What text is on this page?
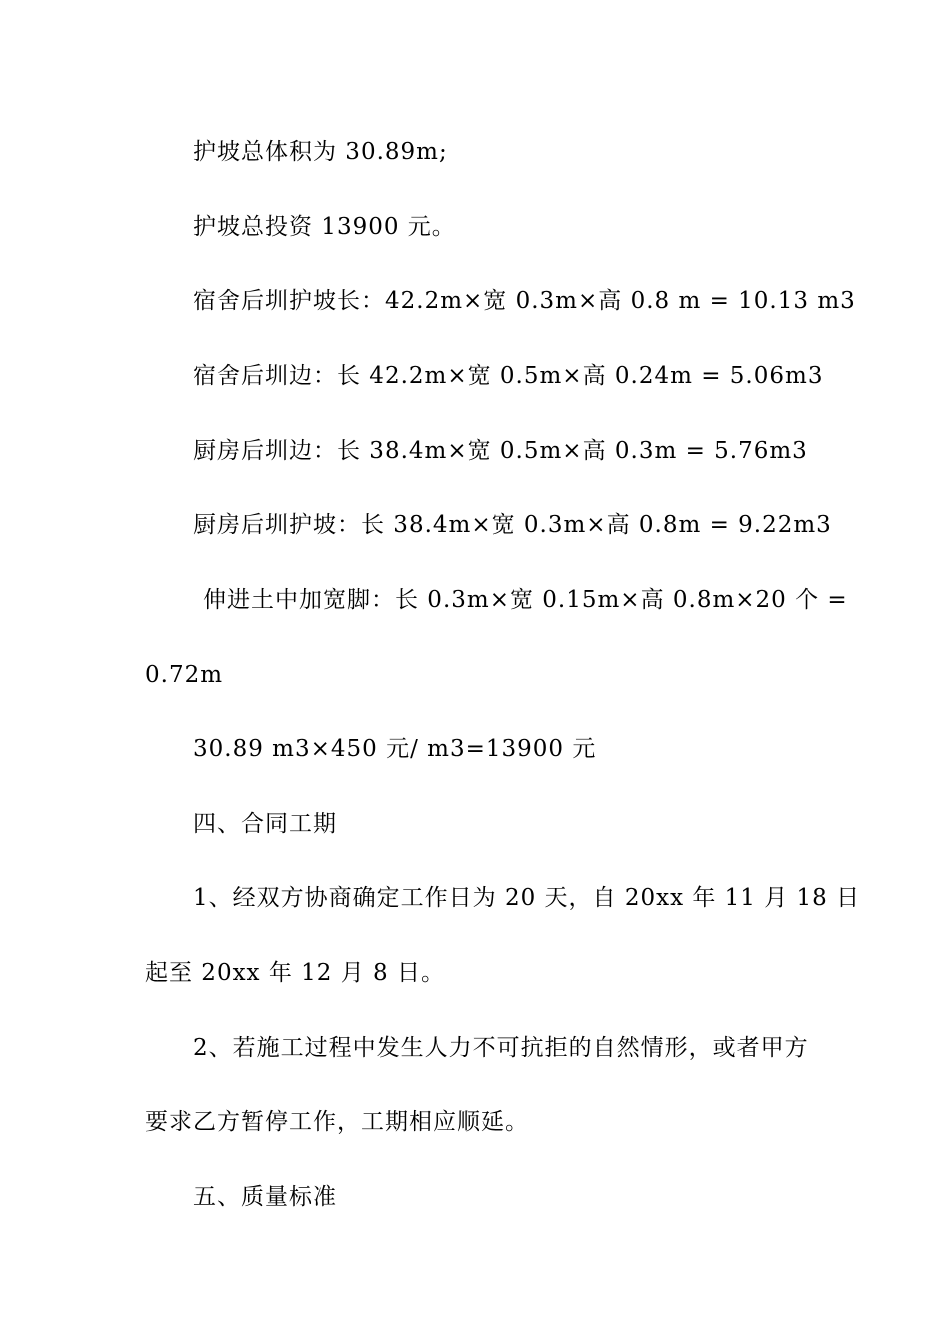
护坡总体积为 30.89m;
护坡总投资 13900 元。
宿舍后圳护坡长：42.2m×宽 0.3m×高 0.8 m = 10.13 m3
宿舍后圳边：长 42.2m×宽 0.5m×高 0.24m = 5.06m3
厨房后圳边：长 38.4m×宽 0.5m×高 0.3m = 5.76m3
厨房后圳护坡：长 38.4m×宽 0.3m×高 0.8m = 9.22m3
伸进土中加宽脚：长 0.3m×宽 0.15m×高 0.8m×20 个 =
0.72m
30.89 m3×450 元/ m3=13900 元
四、合同工期
1、经双方协商确定工作日为 20 天，自 20xx 年 11 月 18 日
起至 20xx 年 12 月 8 日。
2、若施工过程中发生人力不可抗拒的自然情形，或者甲方
要求乙方暂停工作，工期相应顺延。
五、质量标准
